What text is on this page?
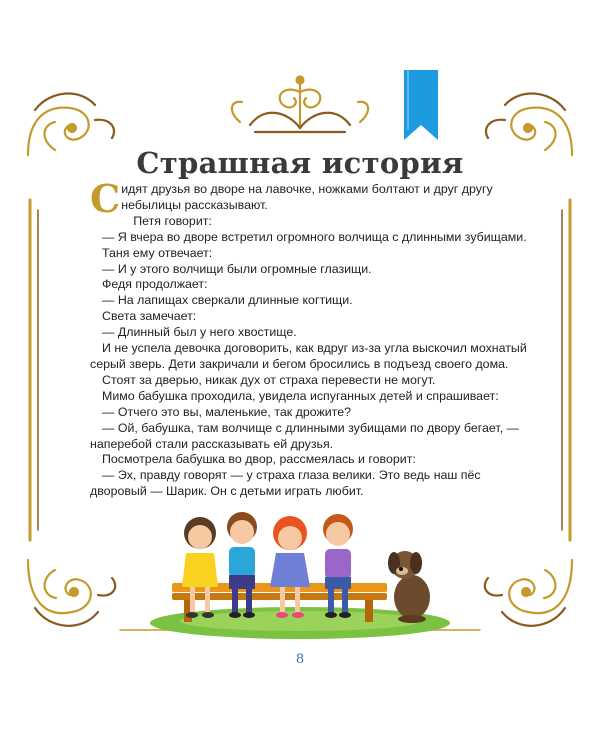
Страшная история

Сидят друзья во дворе на лавочке, ножками болтают и друг другу небылицы рассказывают.

Петя говорит:

— Я вчера во дворе встретил огромного волчища с длинными зубищами.

Таня ему отвечает:

— И у этого волчищи были огромные глазищи.

Федя продолжает:

— На лапищах сверкали длинные когтищи.

Света замечает:

— Длинный был у него хвостище.

И не успела девочка договорить, как вдруг из-за угла выскочил мохнатый серый зверь. Дети закричали и бегом бросились в подъезд своего дома.

Стоят за дверью, никак дух от страха перевести не могут.

Мимо бабушка проходила, увидела испуганных детей и спрашивает:

— Отчего это вы, маленькие, так дрожите?

— Ой, бабушка, там волчище с длинными зубищами по двору бегает, — наперебой стали рассказывать ей друзья.

Посмотрела бабушка во двор, рассмеялась и говорит:

— Эх, правду говорят — у страха глаза велики. Это ведь наш пёс дворовый — Шарик. Он с детьми играть любит.

8
